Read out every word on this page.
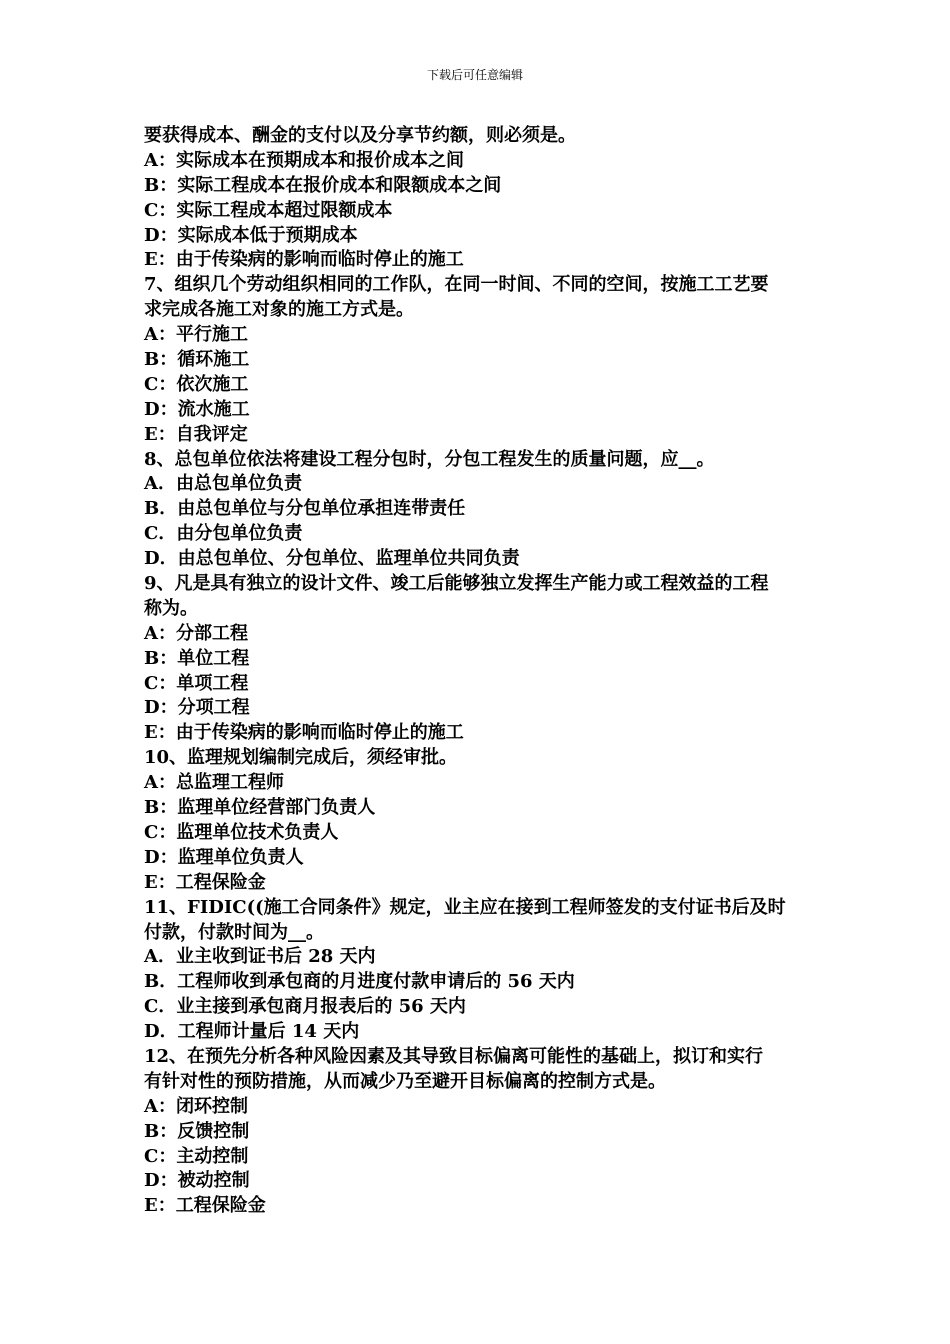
下载后可任意编辑
要获得成本、酬金的支付以及分享节约额，则必须是。
A：实际成本在预期成本和报价成本之间
B：实际工程成本在报价成本和限额成本之间
C：实际工程成本超过限额成本
D：实际成本低于预期成本
E：由于传染病的影响而临时停止的施工
7、组织几个劳动组织相同的工作队，在同一时间、不同的空间，按施工工艺要
求完成各施工对象的施工方式是。
A：平行施工
B：循环施工
C：依次施工
D：流水施工
E：自我评定
8、总包单位依法将建设工程分包时，分包工程发生的质量问题，应__。
A．由总包单位负责
B．由总包单位与分包单位承担连带责任
C．由分包单位负责
D．由总包单位、分包单位、监理单位共同负责
9、凡是具有独立的设计文件、竣工后能够独立发挥生产能力或工程效益的工程
称为。
A：分部工程
B：单位工程
C：单项工程
D：分项工程
E：由于传染病的影响而临时停止的施工
10、监理规划编制完成后，须经审批。
A：总监理工程师
B：监理单位经营部门负责人
C：监理单位技术负责人
D：监理单位负责人
E：工程保险金
11、FIDIC((施工合同条件》规定，业主应在接到工程师签发的支付证书后及时
付款，付款时间为__。
A．业主收到证书后 28 天内
B．工程师收到承包商的月进度付款申请后的 56 天内
C．业主接到承包商月报表后的 56 天内
D．工程师计量后 14 天内
12、在预先分析各种风险因素及其导致目标偏离可能性的基础上，拟订和实行
有针对性的预防措施，从而减少乃至避开目标偏离的控制方式是。
A：闭环控制
B：反馈控制
C：主动控制
D：被动控制
E：工程保险金
